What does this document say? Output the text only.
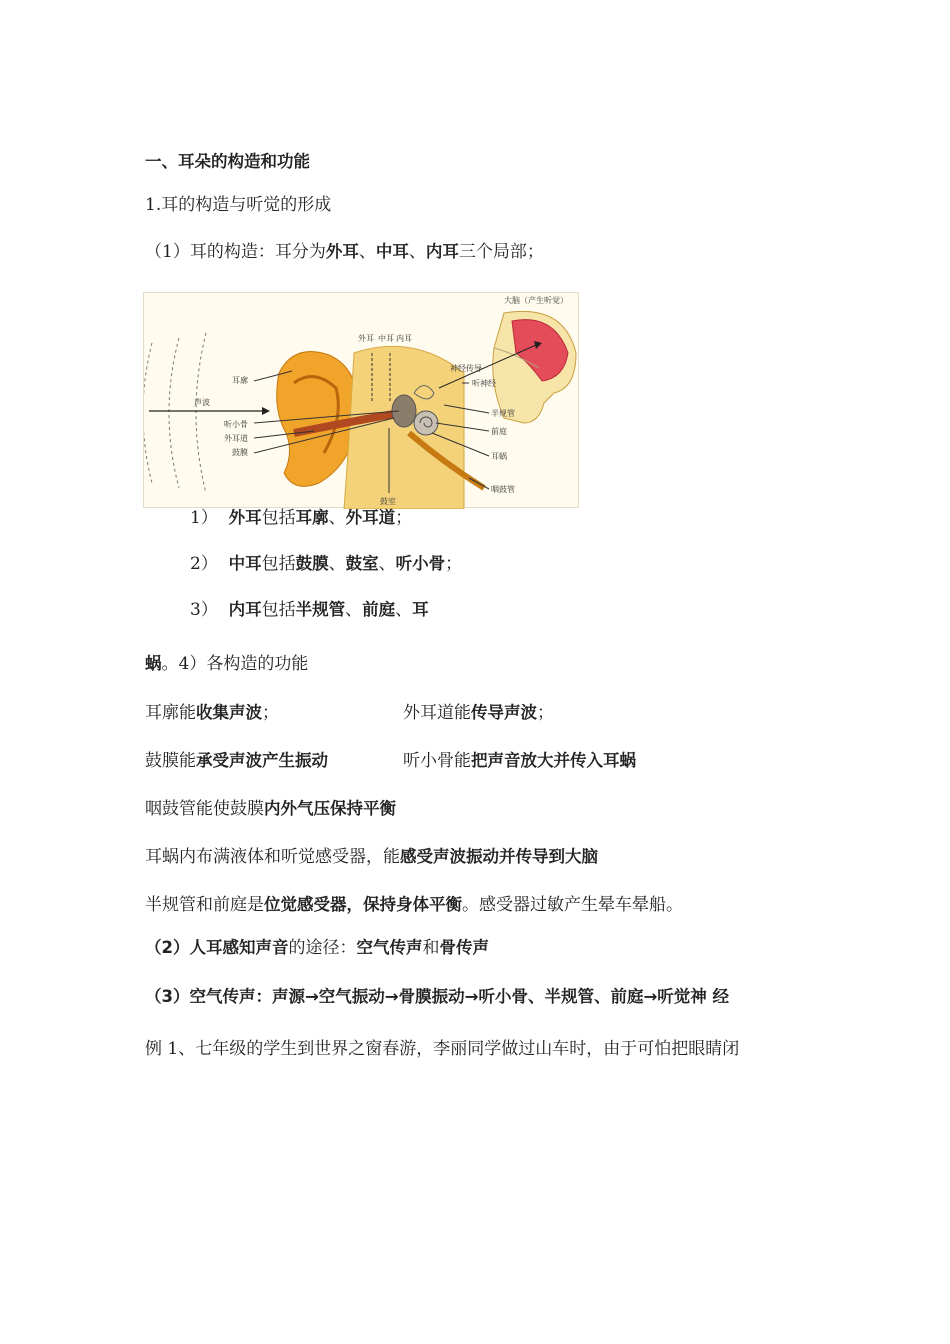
一、耳朵的构造和功能
1.耳的构造与听觉的形成
（1）耳的构造：耳分为外耳、中耳、内耳三个局部；
大脑（产生听觉）
外耳 中耳 内耳
耳廓
声波
神经传导
听神经
听小骨
外耳道
鼓膜
半规管
前庭
耳蜗
咽鼓管
鼓室
1） 外耳包括耳廓、外耳道；
2） 中耳包括鼓膜、鼓室、听小骨；
3） 内耳包括半规管、前庭、耳
蜗。4）各构造的功能
耳廓能收集声波；	外耳道能传导声波；
鼓膜能承受声波产生振动	听小骨能把声音放大并传入耳蜗
咽鼓管能使鼓膜内外气压保持平衡
耳蜗内布满液体和听觉感受器，能感受声波振动并传导到大脑
半规管和前庭是位觉感受器，保持身体平衡。感受器过敏产生晕车晕船。
（2）人耳感知声音的途径：空气传声和骨传声
（3）空气传声：声源→空气振动→骨膜振动→听小骨、半规管、前庭→听觉神 经
例 1、七年级的学生到世界之窗春游，李丽同学做过山车时，由于可怕把眼睛闭
